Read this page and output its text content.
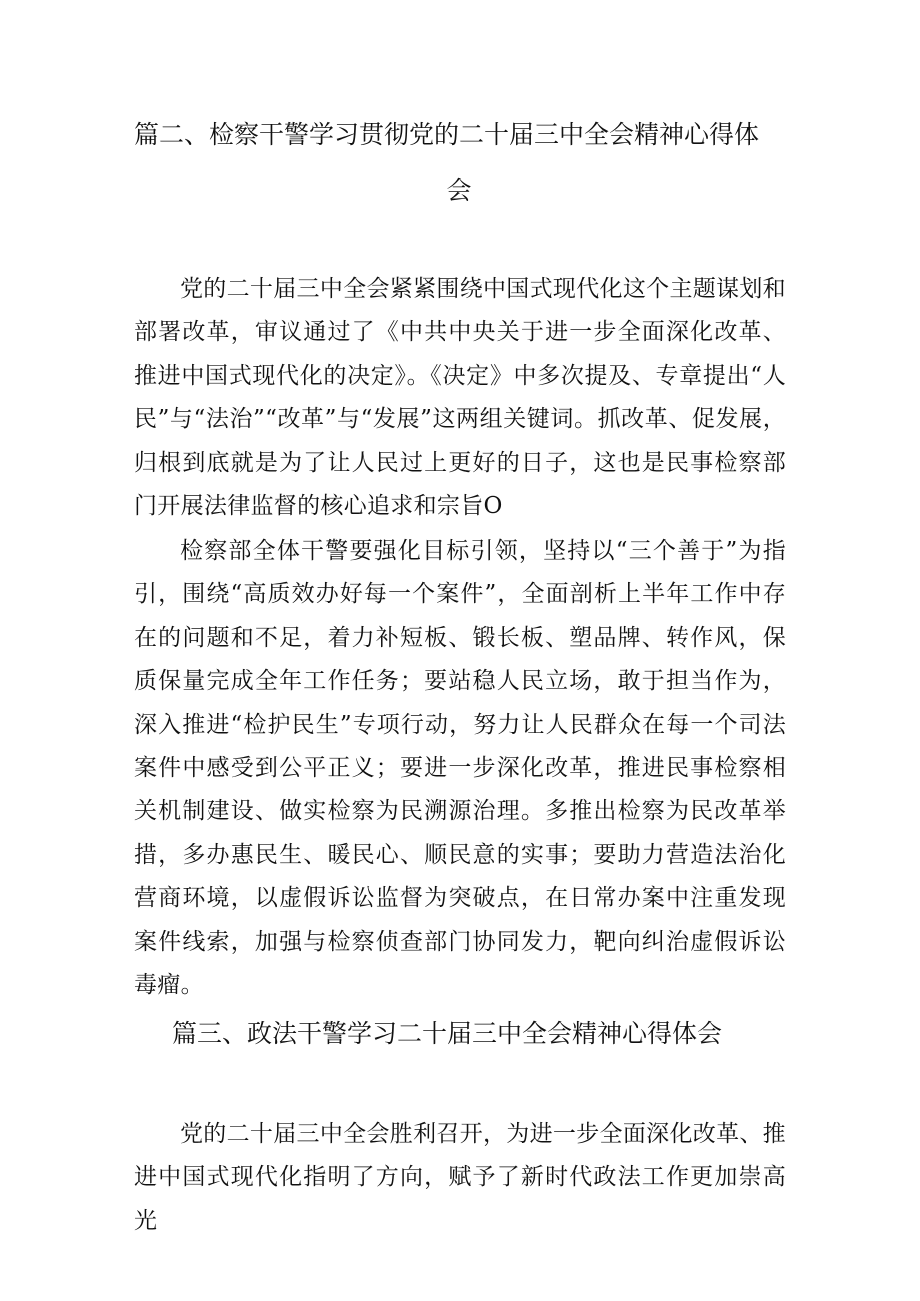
篇二、检察干警学习贯彻党的二十届三中全会精神心得体
会

党的二十届三中全会紧紧围绕中国式现代化这个主题谋划和部署改革，审议通过了《中共中央关于进一步全面深化改革、推进中国式现代化的决定》。《决定》中多次提及、专章提出“人民”与“法治”“改革”与“发展”这两组关键词。抓改革、促发展，归根到底就是为了让人民过上更好的日子，这也是民事检察部门开展法律监督的核心追求和宗旨O

检察部全体干警要强化目标引领，坚持以“三个善于”为指引，围绕“高质效办好每一个案件”，全面剖析上半年工作中存在的问题和不足，着力补短板、锻长板、塑品牌、转作风，保质保量完成全年工作任务；要站稳人民立场，敢于担当作为，深入推进“检护民生”专项行动，努力让人民群众在每一个司法案件中感受到公平正义；要进一步深化改革，推进民事检察相关机制建设、做实检察为民溯源治理。多推出检察为民改革举措，多办惠民生、暖民心、顺民意的实事；要助力营造法治化营商环境，以虚假诉讼监督为突破点，在日常办案中注重发现案件线索，加强与检察侦查部门协同发力，靶向纠治虚假诉讼毒瘤。

篇三、政法干警学习二十届三中全会精神心得体会

党的二十届三中全会胜利召开，为进一步全面深化改革、推进中国式现代化指明了方向，赋予了新时代政法工作更加崇高光
